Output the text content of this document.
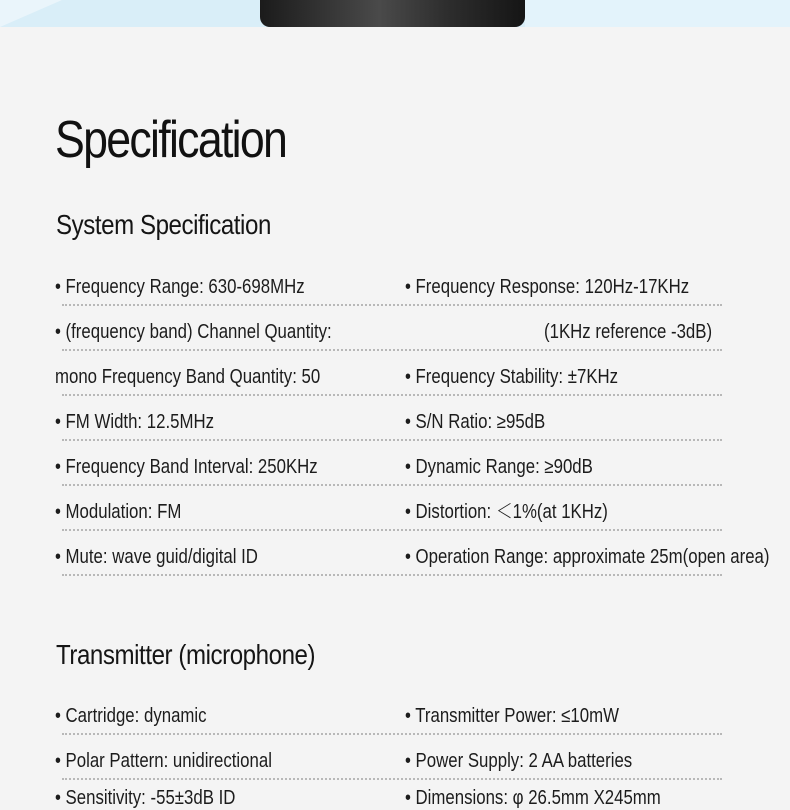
Specification
System Specification
• Frequency Range: 630-698MHz	• Frequency Response: 120Hz-17KHz
• (frequency band) Channel Quantity:	(1KHz reference -3dB)
mono Frequency Band Quantity: 50	• Frequency Stability: ±7KHz
• FM Width: 12.5MHz	• S/N Ratio: ≥95dB
• Frequency Band Interval: 250KHz	• Dynamic Range: ≥90dB
• Modulation: FM	• Distortion: ＜1%(at 1KHz)
• Mute: wave guid/digital ID	• Operation Range: approximate 25m(open area)
Transmitter (microphone)
• Cartridge: dynamic	• Transmitter Power: ≤10mW
• Polar Pattern: unidirectional	• Power Supply: 2 AA batteries
• Sensitivity: -55±3dB ID	• Dimensions: φ 26.5mm X245mm
